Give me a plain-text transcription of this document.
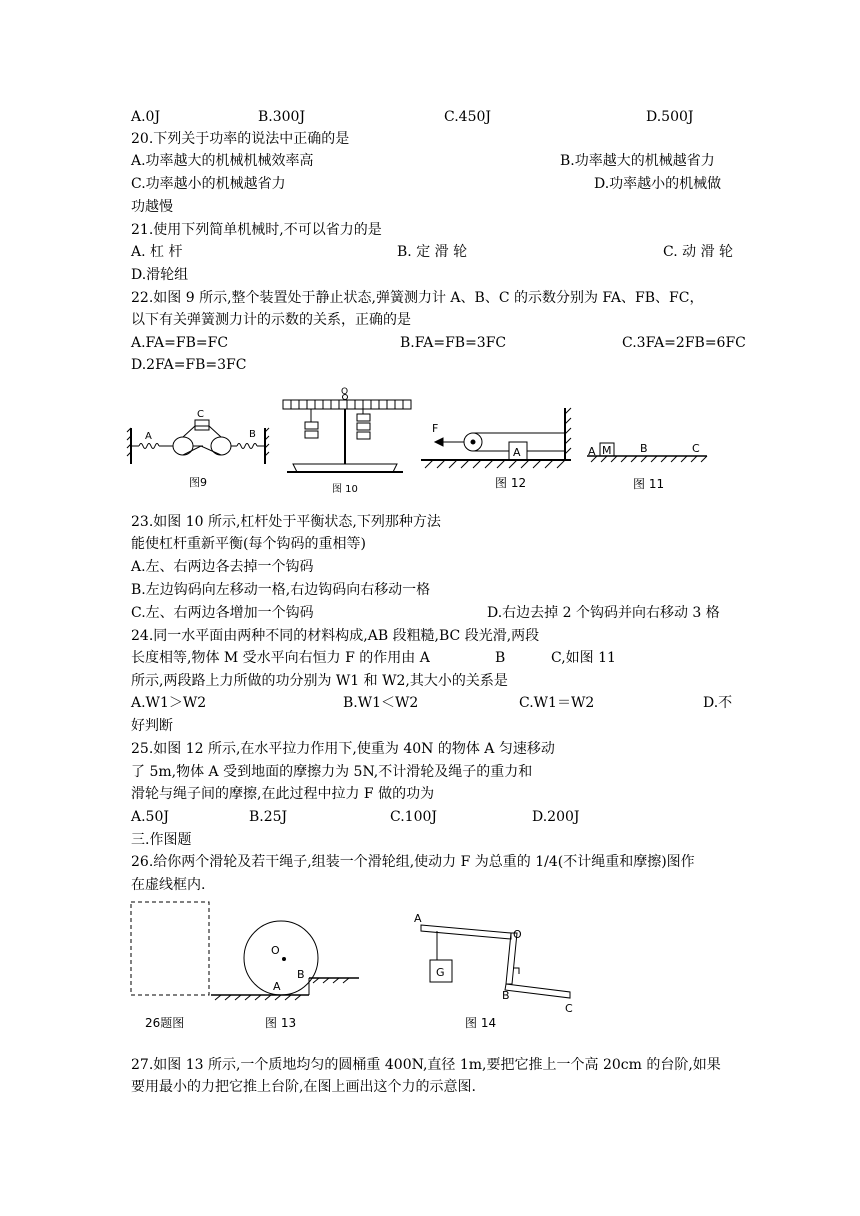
A.0J	B.300J	C.450J	D.500J
20.下列关于功率的说法中正确的是
A.功率越大的机械机械效率高	B.功率越大的机械越省力
C.功率越小的机械越省力	D.功率越小的机械做
功越慢
21.使用下列简单机械时,不可以省力的是
A. 杠 杆	B. 定 滑 轮	C. 动 滑 轮
D.滑轮组
22.如图 9 所示,整个装置处于静止状态,弹簧测力计 A、B、C 的示数分别为 FA、FB、FC，
以下有关弹簧测力计的示数的关系，正确的是
A.FA=FB=FC	B.FA=FB=3FC	C.3FA=2FB=6FC
D.2FA=FB=3FC
A
C
B
图9
O
图 10
F
A
图 12
A M	B	C
图 11
23.如图 10 所示,杠杆处于平衡状态,下列那种方法
能使杠杆重新平衡(每个钩码的重相等)
A.左、右两边各去掉一个钩码
B.左边钩码向左移动一格,右边钩码向右移动一格
C.左、右两边各增加一个钩码	D.右边去掉 2 个钩码并向右移动 3 格
24.同一水平面由两种不同的材料构成,AB 段粗糙,BC 段光滑,两段
长度相等,物体 M 受水平向右恒力 F 的作用由 A	B	C,如图 11
所示,两段路上力所做的功分别为 W1 和 W2,其大小的关系是
A.W1＞W2	B.W1＜W2	C.W1＝W2	D.不
好判断
25.如图 12 所示,在水平拉力作用下,使重为 40N 的物体 A 匀速移动
了 5m,物体 A 受到地面的摩擦力为 5N,不计滑轮及绳子的重力和
滑轮与绳子间的摩擦,在此过程中拉力 F 做的功为
A.50J	B.25J	C.100J	D.200J
三.作图题
26.给你两个滑轮及若干绳子,组装一个滑轮组,使动力 F 为总重的 1/4(不计绳重和摩擦)图作
在虚线框内.
26题图
O
B
A
图 13
A
O
G
B
C
图 14
27.如图 13 所示,一个质地均匀的圆桶重 400N,直径 1m,要把它推上一个高 20cm 的台阶,如果
要用最小的力把它推上台阶,在图上画出这个力的示意图.
